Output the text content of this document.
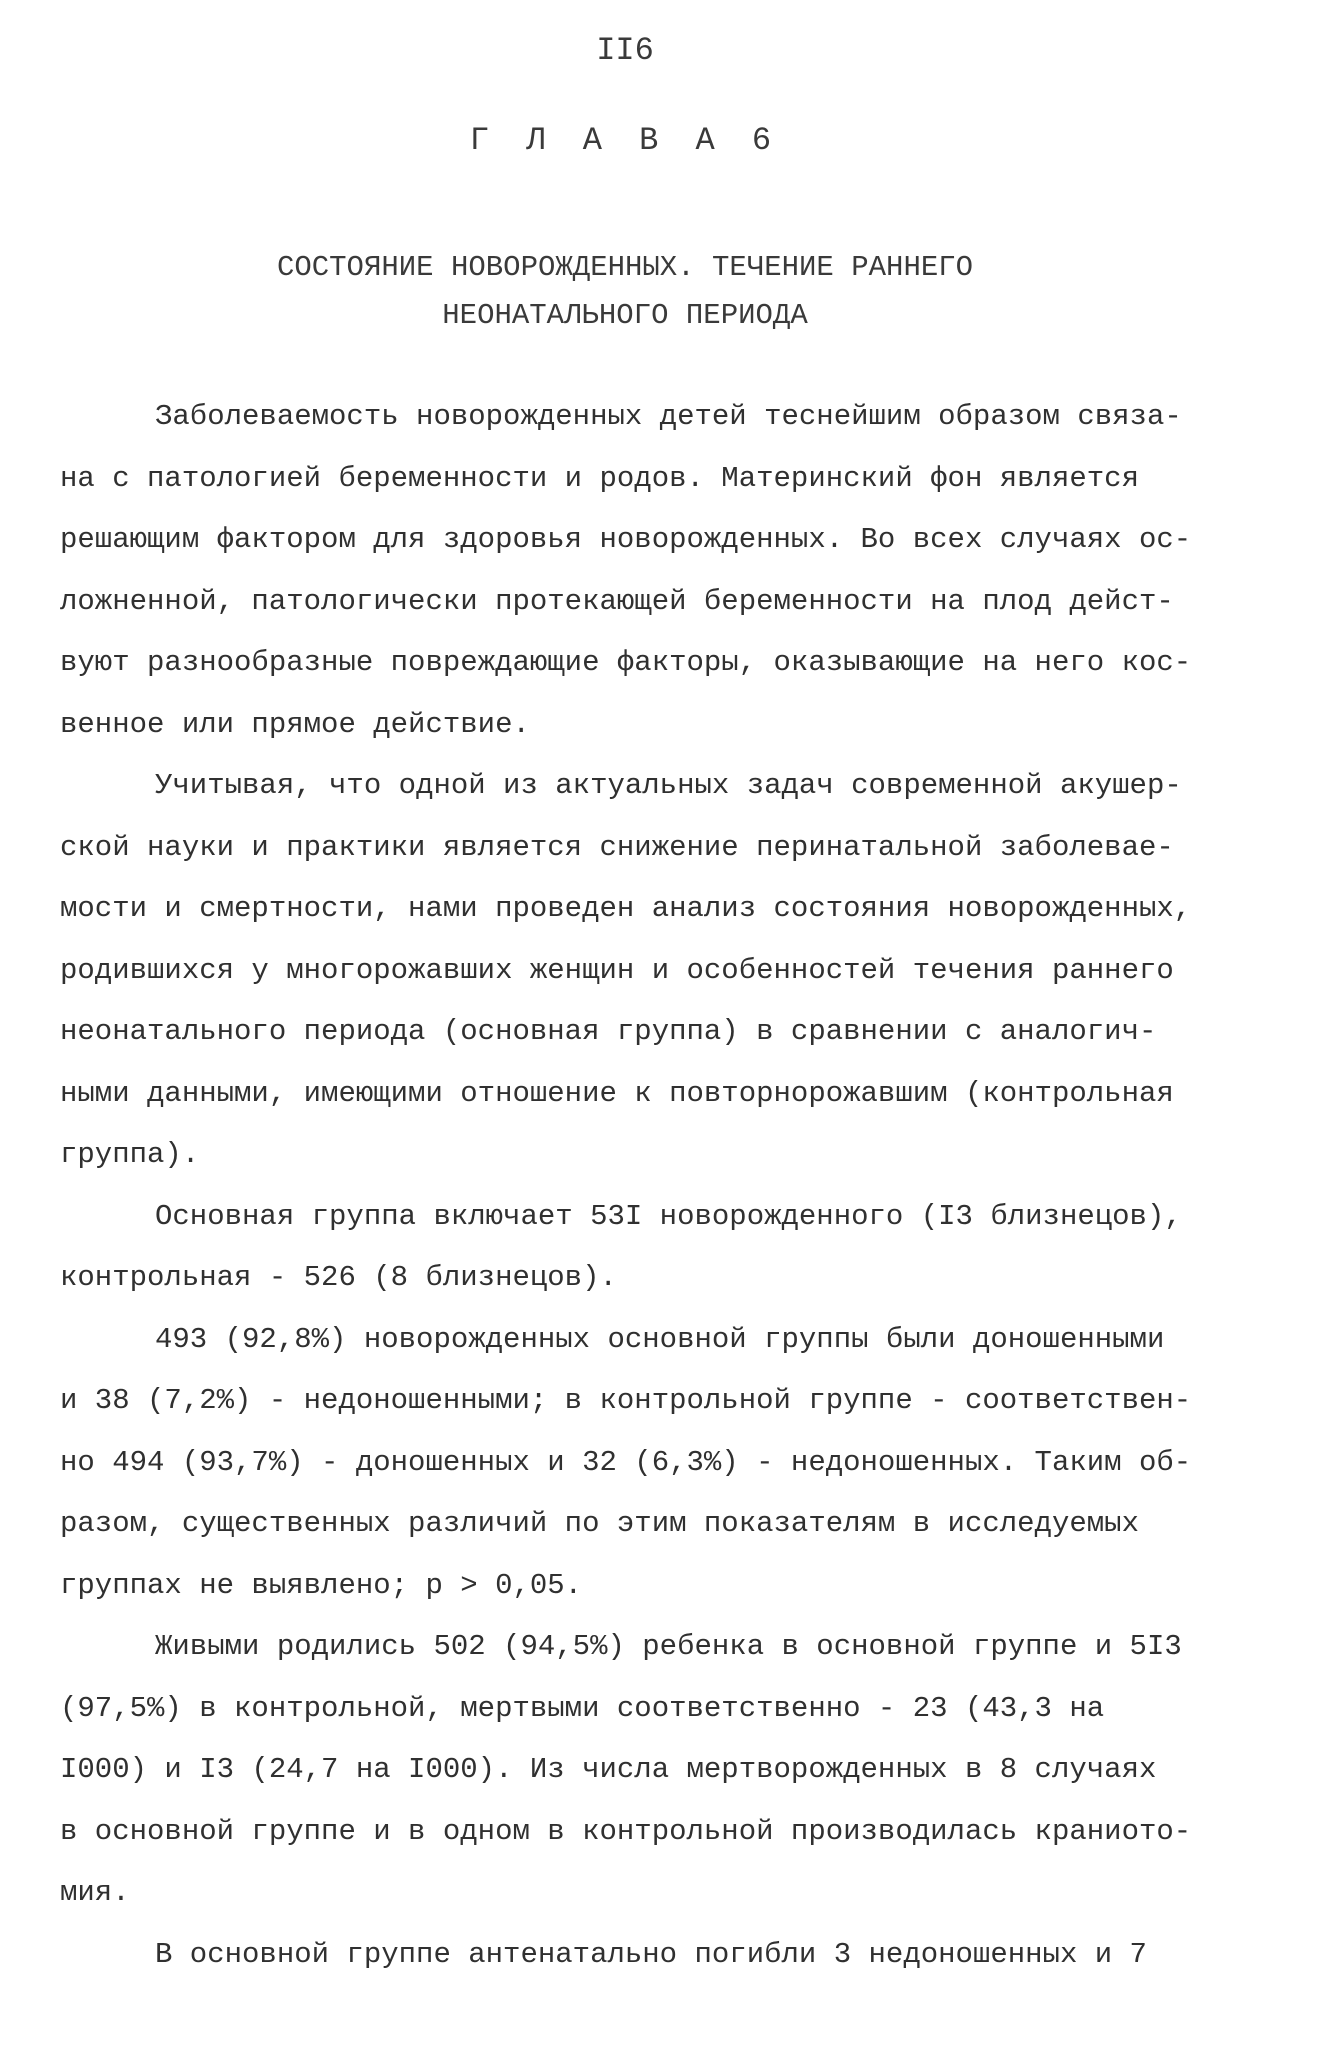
II6
Г Л А В А 6
СОСТОЯНИЕ НОВОРОЖДЕННЫХ. ТЕЧЕНИЕ РАННЕГО
НЕОНАТАЛЬНОГО ПЕРИОДА
Заболеваемость новорожденных детей теснейшим образом связа-
на с патологией беременности и родов. Материнский фон является
решающим фактором для здоровья новорожденных. Во всех случаях ос-
ложненной, патологически протекающей беременности на плод дейст-
вуют разнообразные повреждающие факторы, оказывающие на него кос-
венное или прямое действие.
Учитывая, что одной из актуальных задач современной акушер-
ской науки и практики является снижение перинатальной заболевае-
мости и смертности, нами проведен анализ состояния новорожденных,
родившихся у многорожавших женщин и особенностей течения раннего
неонатального периода (основная группа) в сравнении с аналогич-
ными данными, имеющими отношение к повторнорожавшим (контрольная
группа).
Основная группа включает 53I новорожденного (I3 близнецов),
контрольная - 526 (8 близнецов).
493 (92,8%) новорожденных основной группы были доношенными
и 38 (7,2%) - недоношенными; в контрольной группе - соответствен-
но 494 (93,7%) - доношенных и 32 (6,3%) - недоношенных. Таким об-
разом, существенных различий по этим показателям в исследуемых
группах не выявлено; р > 0,05.
Живыми родились 502 (94,5%) ребенка в основной группе и 5I3
(97,5%) в контрольной, мертвыми соответственно - 23 (43,3 на
I000) и I3 (24,7 на I000). Из числа мертворожденных в 8 случаях
в основной группе и в одном в контрольной производилась краниото-
мия.
В основной группе антенатально погибли 3 недоношенных и 7
